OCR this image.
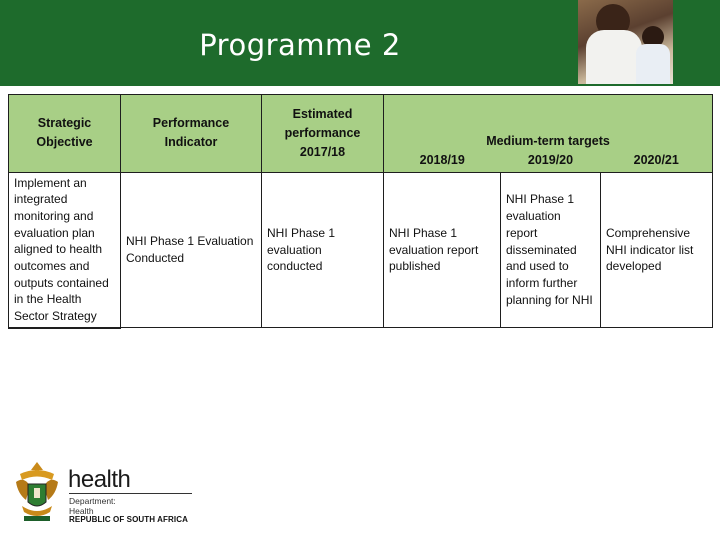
Programme 2
Strategic Objective	Performance Indicator	Estimated performance 2017/18	Medium-term targets		
			2018/19	2019/20	2020/21
Implement an integrated monitoring and evaluation plan aligned to health outcomes and outputs contained in the Health Sector Strategy	NHI Phase 1 Evaluation Conducted	NHI Phase 1 evaluation conducted	NHI Phase 1 evaluation report published	NHI Phase 1 evaluation report disseminated and used to inform further planning for NHI	Comprehensive NHI indicator list developed
health
Department:
Health
REPUBLIC OF SOUTH AFRICA
